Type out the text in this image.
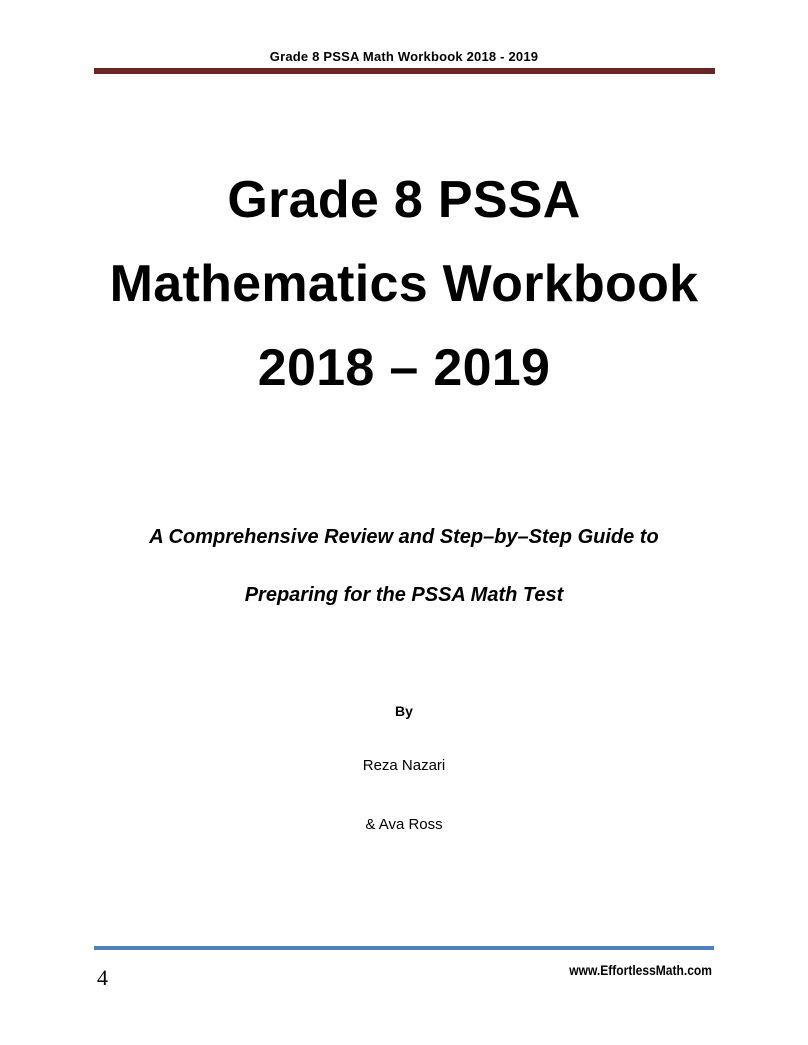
Grade 8 PSSA Math Workbook 2018 - 2019
Grade 8 PSSA
Mathematics Workbook
2018 – 2019
A Comprehensive Review and Step–by–Step Guide to
Preparing for the PSSA Math Test
By
Reza Nazari
& Ava Ross
4	www.EffortlessMath.com
